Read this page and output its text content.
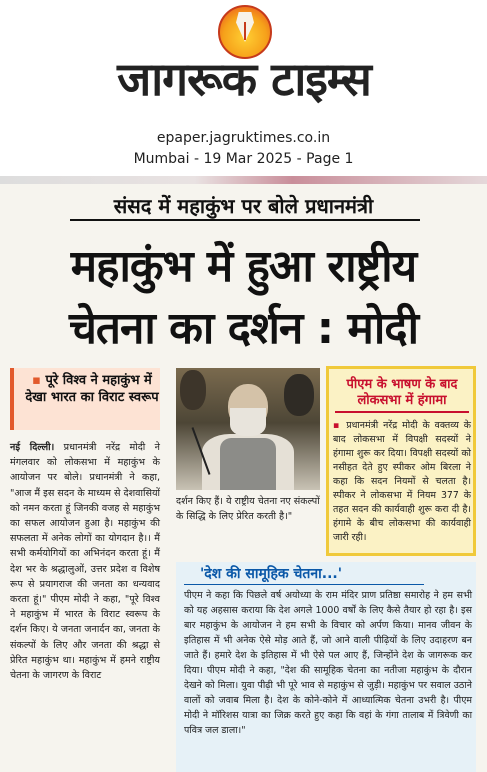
जागरूक टाइम्स
epaper.jagruktimes.co.in
Mumbai - 19 Mar 2025 - Page 1
संसद में महाकुंभ पर बोले प्रधानमंत्री
महाकुंभ में हुआ राष्ट्रीय
चेतना का दर्शन : मोदी
▪ पूरे विश्व ने महाकुंभ में देखा भारत का विराट स्वरूप
नई दिल्ली। प्रधानमंत्री नरेंद्र मोदी ने मंगलवार को लोकसभा में महाकुंभ के आयोजन पर बोले। प्रधानमंत्री ने कहा, "आज मैं इस सदन के माध्यम से देशवासियों को नमन करता हूं जिनकी वजह से महाकुंभ का सफल आयोजन हुआ है। महाकुंभ की सफलता में अनेक लोगों का योगदान है।। मैं सभी कर्मयोगियों का अभिनंदन करता हूं। मैं देश भर के श्रद्धालुओं, उत्तर प्रदेश व विशेष रूप से प्रयागराज की जनता का धन्यवाद करता हूं।" पीएम मोदी ने कहा, "पूरे विश्व ने महाकुंभ में भारत के विराट स्वरूप के दर्शन किए। ये जनता जनार्दन का, जनता के संकल्पों के लिए और जनता की श्रद्धा से प्रेरित महाकुंभ था। महाकुंभ में हमने राष्ट्रीय चेतना के जागरण के विराट
दर्शन किए हैं। ये राष्ट्रीय चेतना नए संकल्पों के सिद्धि के लिए प्रेरित करती है।"
पीएम के भाषण के बाद लोकसभा में हंगामा
▪ प्रधानमंत्री नरेंद्र मोदी के वक्तव्य के बाद लोकसभा में विपक्षी सदस्यों ने हंगामा शुरू कर दिया। विपक्षी सदस्यों को नसीहत देते हुए स्पीकर ओम बिरला ने कहा कि सदन नियमों से चलता है। स्पीकर ने लोकसभा में नियम 377 के तहत सदन की कार्यवाही शुरू करा दी है। हंगामे के बीच लोकसभा की कार्यवाही जारी रही।
'देश की सामूहिक चेतना...'
पीएम ने कहा कि पिछले वर्ष अयोध्या के राम मंदिर प्राण प्रतिष्ठा समारोह ने हम सभी को यह अहसास कराया कि देश अगले 1000 वर्षों के लिए कैसे तैयार हो रहा है। इस बार महाकुंभ के आयोजन ने हम सभी के विचार को अर्पण किया। मानव जीवन के इतिहास में भी अनेक ऐसे मोड़ आते हैं, जो आने वाली पीढ़ियों के लिए उदाहरण बन जाते हैं। हमारे देश के इतिहास में भी ऐसे पल आए हैं, जिन्होंने देश के जागरूक कर दिया। पीएम मोदी ने कहा, "देश की सामूहिक चेतना का नतीजा महाकुंभ के दौरान देखने को मिला। युवा पीढ़ी भी पूरे भाव से महाकुंभ से जुड़ी। महाकुंभ पर सवाल उठाने वालों को जवाब मिला है। देश के कोने-कोने में आध्यात्मिक चेतना उभरी है। पीएम मोदी ने मॉरिशस यात्रा का जिक्र करते हुए कहा कि वहां के गंगा तालाब में त्रिवेणी का पवित्र जल डाला।"
